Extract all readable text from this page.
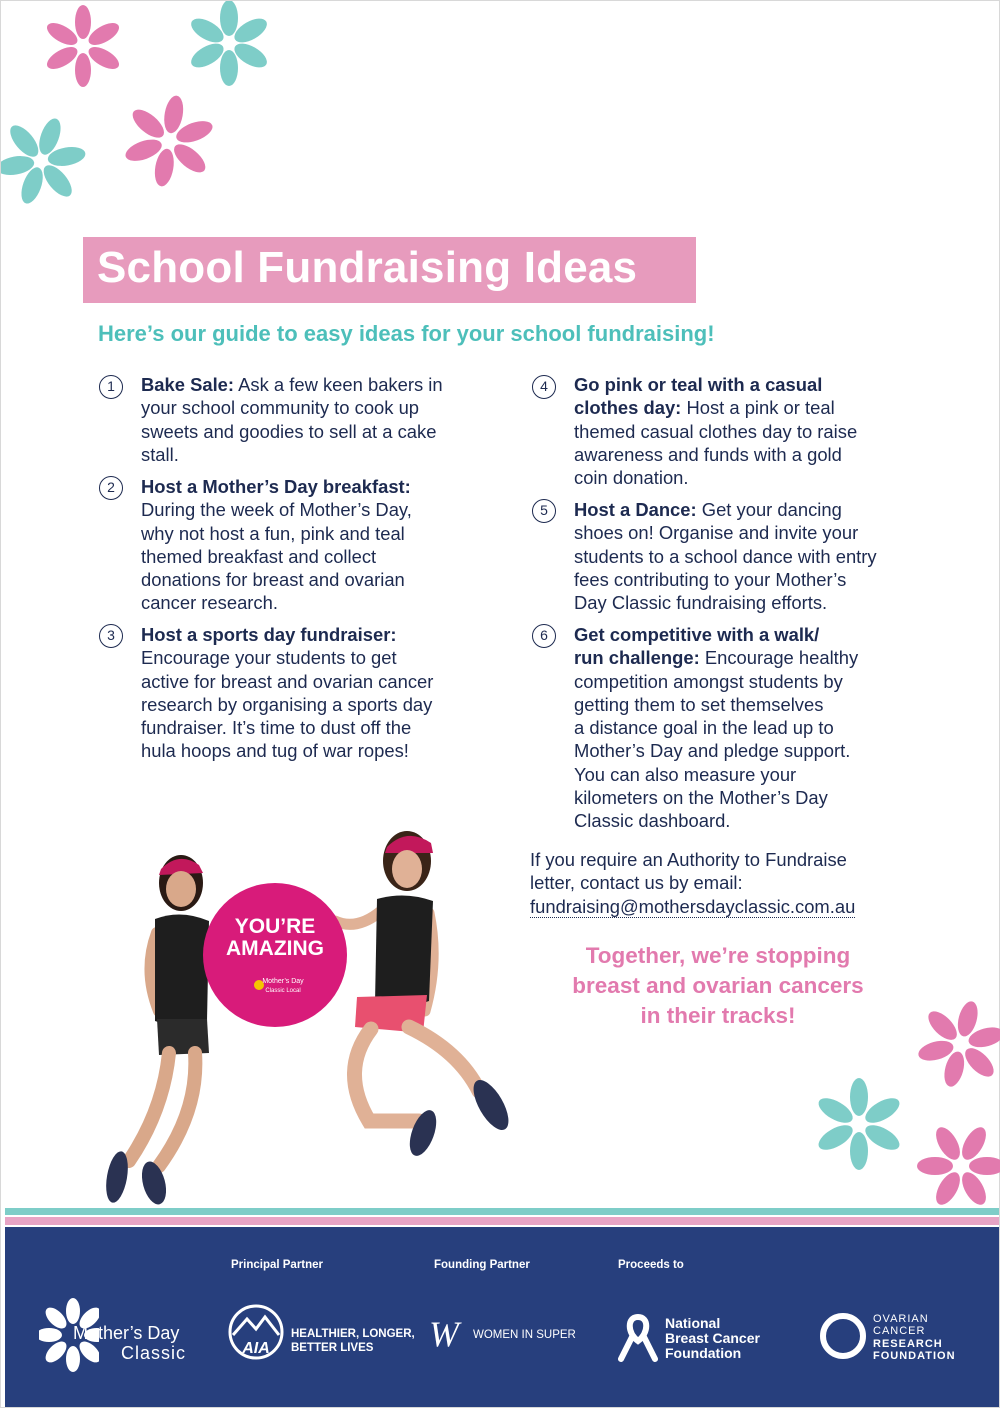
School Fundraising Ideas
Here’s our guide to easy ideas for your school fundraising!
1	Bake Sale: Ask a few keen bakers in
your school community to cook up
sweets and goodies to sell at a cake
stall.
2	Host a Mother’s Day breakfast:
During the week of Mother’s Day,
why not host a fun, pink and teal
themed breakfast and collect
donations for breast and ovarian
cancer research.
3	Host a sports day fundraiser:
Encourage your students to get
active for breast and ovarian cancer
research by organising a sports day
fundraiser. It’s time to dust off the
hula hoops and tug of war ropes!
4	Go pink or teal with a casual
clothes day: Host a pink or teal
themed casual clothes day to raise
awareness and funds with a gold
coin donation.
5	Host a Dance: Get your dancing
shoes on! Organise and invite your
students to a school dance with entry
fees contributing to your Mother’s
Day Classic fundraising efforts.
6	Get competitive with a walk/
run challenge: Encourage healthy
competition amongst students by
getting them to set themselves
a distance goal in the lead up to
Mother’s Day and pledge support.
You can also measure your
kilometers on the Mother’s Day
Classic dashboard.
If you require an Authority to Fundraise
letter, contact us by email:
fundraising@mothersdayclassic.com.au
Together, we’re stopping
breast and ovarian cancers
in their tracks!
YOU’RE
AMAZING
Mother’s Day
Classic Local
Principal Partner	Founding Partner	Proceeds to
Mother’s Day
Classic	AIA
HEALTHIER, LONGER,
BETTER LIVES W WOMEN IN SUPER
National
Breast Cancer
Foundation
OVARIAN
CANCER
RESEARCH
FOUNDATION
